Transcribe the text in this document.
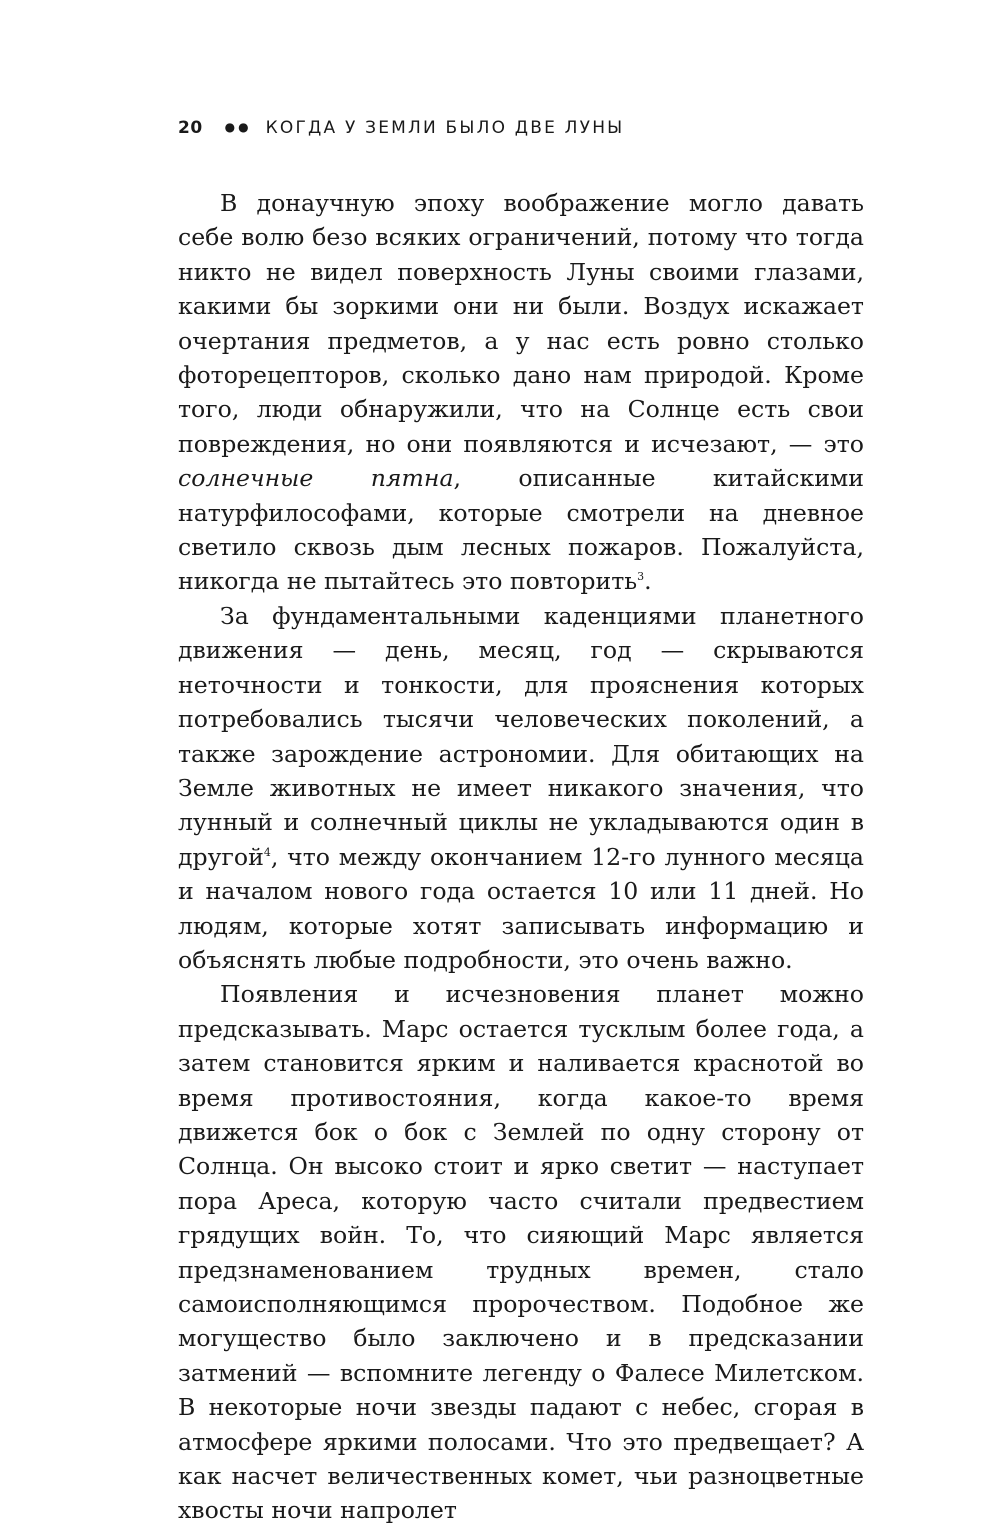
20 ●● КОГДА У ЗЕМЛИ БЫЛО ДВЕ ЛУНЫ

В донаучную эпоху воображение могло давать себе волю безо всяких ограничений, потому что тогда никто не видел поверхность Луны своими глазами, какими бы зоркими они ни были. Воздух искажает очертания предметов, а у нас есть ровно столько фоторецепторов, сколько дано нам природой. Кроме того, люди обнаружили, что на Солнце есть свои повреждения, но они появляются и исчезают, — это солнечные пятна, описанные китайскими натурфилософами, которые смотрели на дневное светило сквозь дым лесных пожаров. Пожалуйста, никогда не пытайтесь это повторить$^3$.

За фундаментальными каденциями планетного движения — день, месяц, год — скрываются неточности и тонкости, для прояснения которых потребовались тысячи человеческих поколений, а также зарождение астрономии. Для обитающих на Земле животных не имеет никакого значения, что лунный и солнечный циклы не укладываются один в другой$^4$, что между окончанием 12-го лунного месяца и началом нового года остается 10 или 11 дней. Но людям, которые хотят записывать информацию и объяснять любые подробности, это очень важно.

Появления и исчезновения планет можно предсказывать. Марс остается тусклым более года, а затем становится ярким и наливается краснотой во время противостояния, когда какое-то время движется бок о бок с Землей по одну сторону от Солнца. Он высоко стоит и ярко светит — наступает пора Ареса, которую часто считали предвестием грядущих войн. То, что сияющий Марс является предзнаменованием трудных времен, стало самоисполняющимся пророчеством. Подобное же могущество было заключено и в предсказании затмений — вспомните легенду о Фалесе Милетском. В некоторые ночи звезды падают с небес, сгорая в атмосфере яркими полосами. Что это предвещает? А как насчет величественных комет, чьи разноцветные хвосты ночи напролет
